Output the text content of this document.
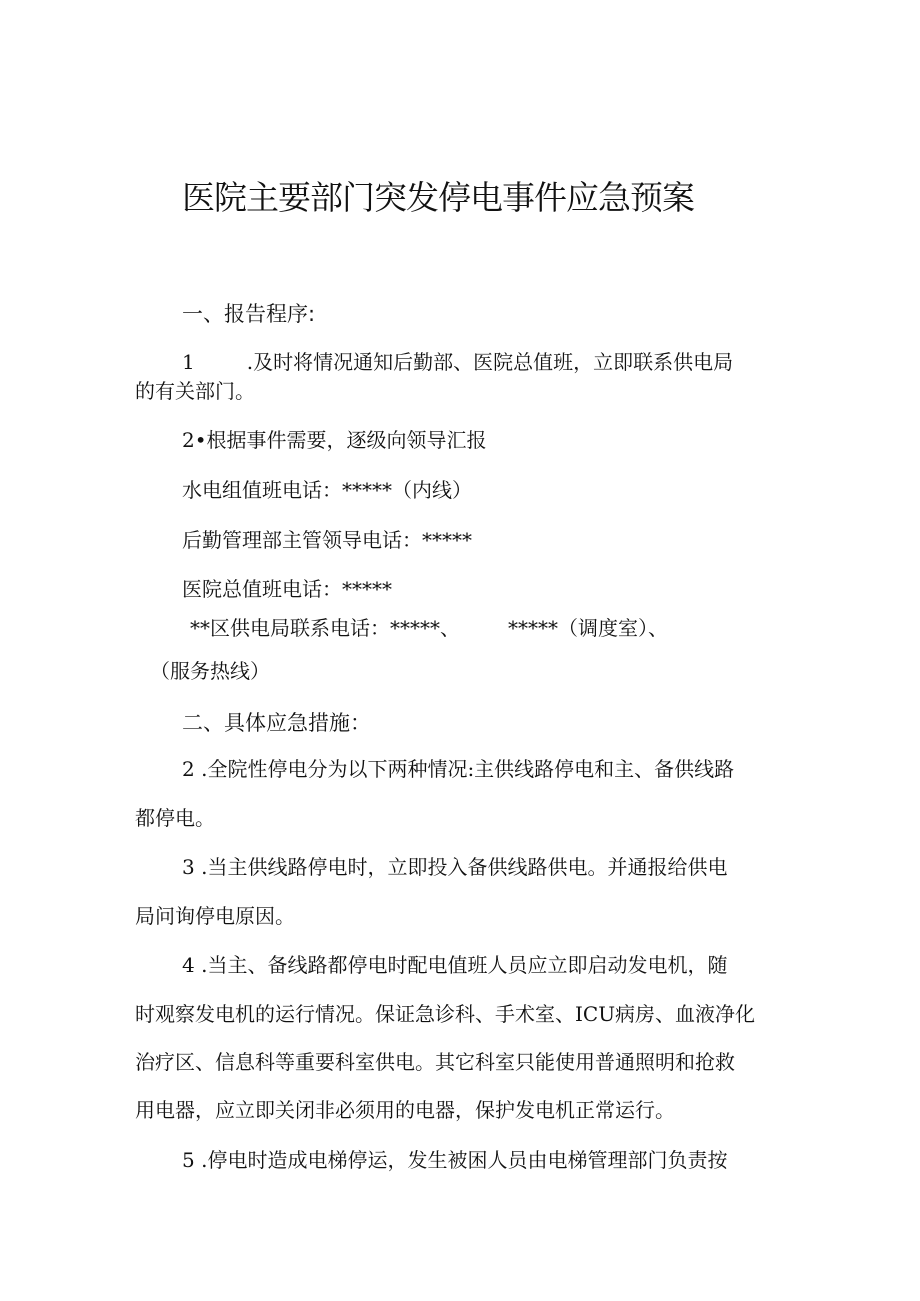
医院主要部门突发停电事件应急预案
一、报告程序:
1	.及时将情况通知后勤部、医院总值班，立即联系供电局
的有关部门。
2•根据事件需要，逐级向领导汇报
水电组值班电话：*****（内线）
后勤管理部主管领导电话：*****
医院总值班电话：*****
**区供电局联系电话：*****、 *****（调度室）、
（服务热线）
二、具体应急措施：
2 .全院性停电分为以下两种情况:主供线路停电和主、备供线路
都停电。
3 .当主供线路停电时，立即投入备供线路供电。并通报给供电
局问询停电原因。
4 .当主、备线路都停电时配电值班人员应立即启动发电机，随
时观察发电机的运行情况。保证急诊科、手术室、ICU病房、血液净化
治疗区、信息科等重要科室供电。其它科室只能使用普通照明和抢救
用电器，应立即关闭非必须用的电器，保护发电机正常运行。
5 .停电时造成电梯停运，发生被困人员由电梯管理部门负责按
